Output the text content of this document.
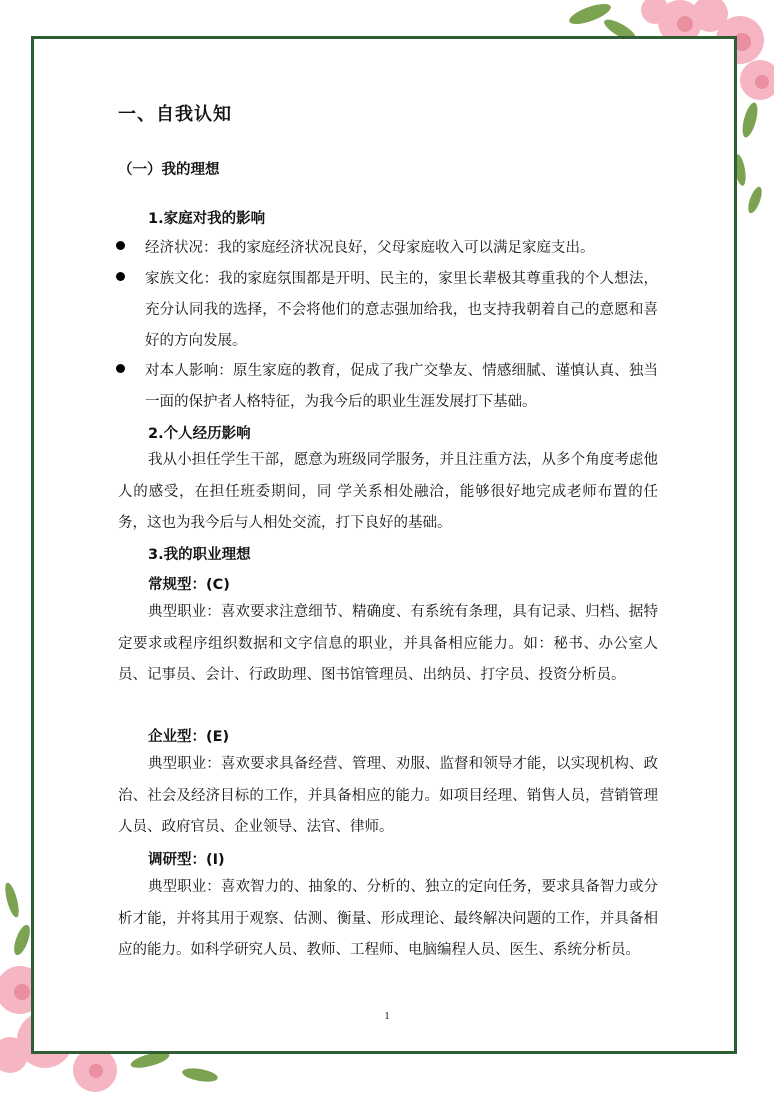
一、自我认知
（一）我的理想
1.家庭对我的影响
经济状况：我的家庭经济状况良好，父母家庭收入可以满足家庭支出。
家族文化：我的家庭氛围都是开明、民主的，家里长辈极其尊重我的个人想法，充分认同我的选择，不会将他们的意志强加给我，也支持我朝着自己的意愿和喜好的方向发展。
对本人影响：原生家庭的教育，促成了我广交挚友、情感细腻、谨慎认真、独当一面的保护者人格特征，为我今后的职业生涯发展打下基础。
2.个人经历影响
我从小担任学生干部，愿意为班级同学服务，并且注重方法，从多个角度考虑他人的感受，在担任班委期间，同 学关系相处融洽，能够很好地完成老师布置的任务，这也为我今后与人相处交流，打下良好的基础。
3.我的职业理想
常规型：(C)
典型职业：喜欢要求注意细节、精确度、有系统有条理，具有记录、归档、据特定要求或程序组织数据和文字信息的职业，并具备相应能力。如：秘书、办公室人员、记事员、会计、行政助理、图书馆管理员、出纳员、打字员、投资分析员。
企业型：(E)
典型职业：喜欢要求具备经营、管理、劝服、监督和领导才能，以实现机构、政治、社会及经济目标的工作，并具备相应的能力。如项目经理、销售人员，营销管理人员、政府官员、企业领导、法官、律师。
调研型：(I)
典型职业：喜欢智力的、抽象的、分析的、独立的定向任务，要求具备智力或分析才能，并将其用于观察、估测、衡量、形成理论、最终解决问题的工作，并具备相应的能力。如科学研究人员、教师、工程师、电脑编程人员、医生、系统分析员。
1
